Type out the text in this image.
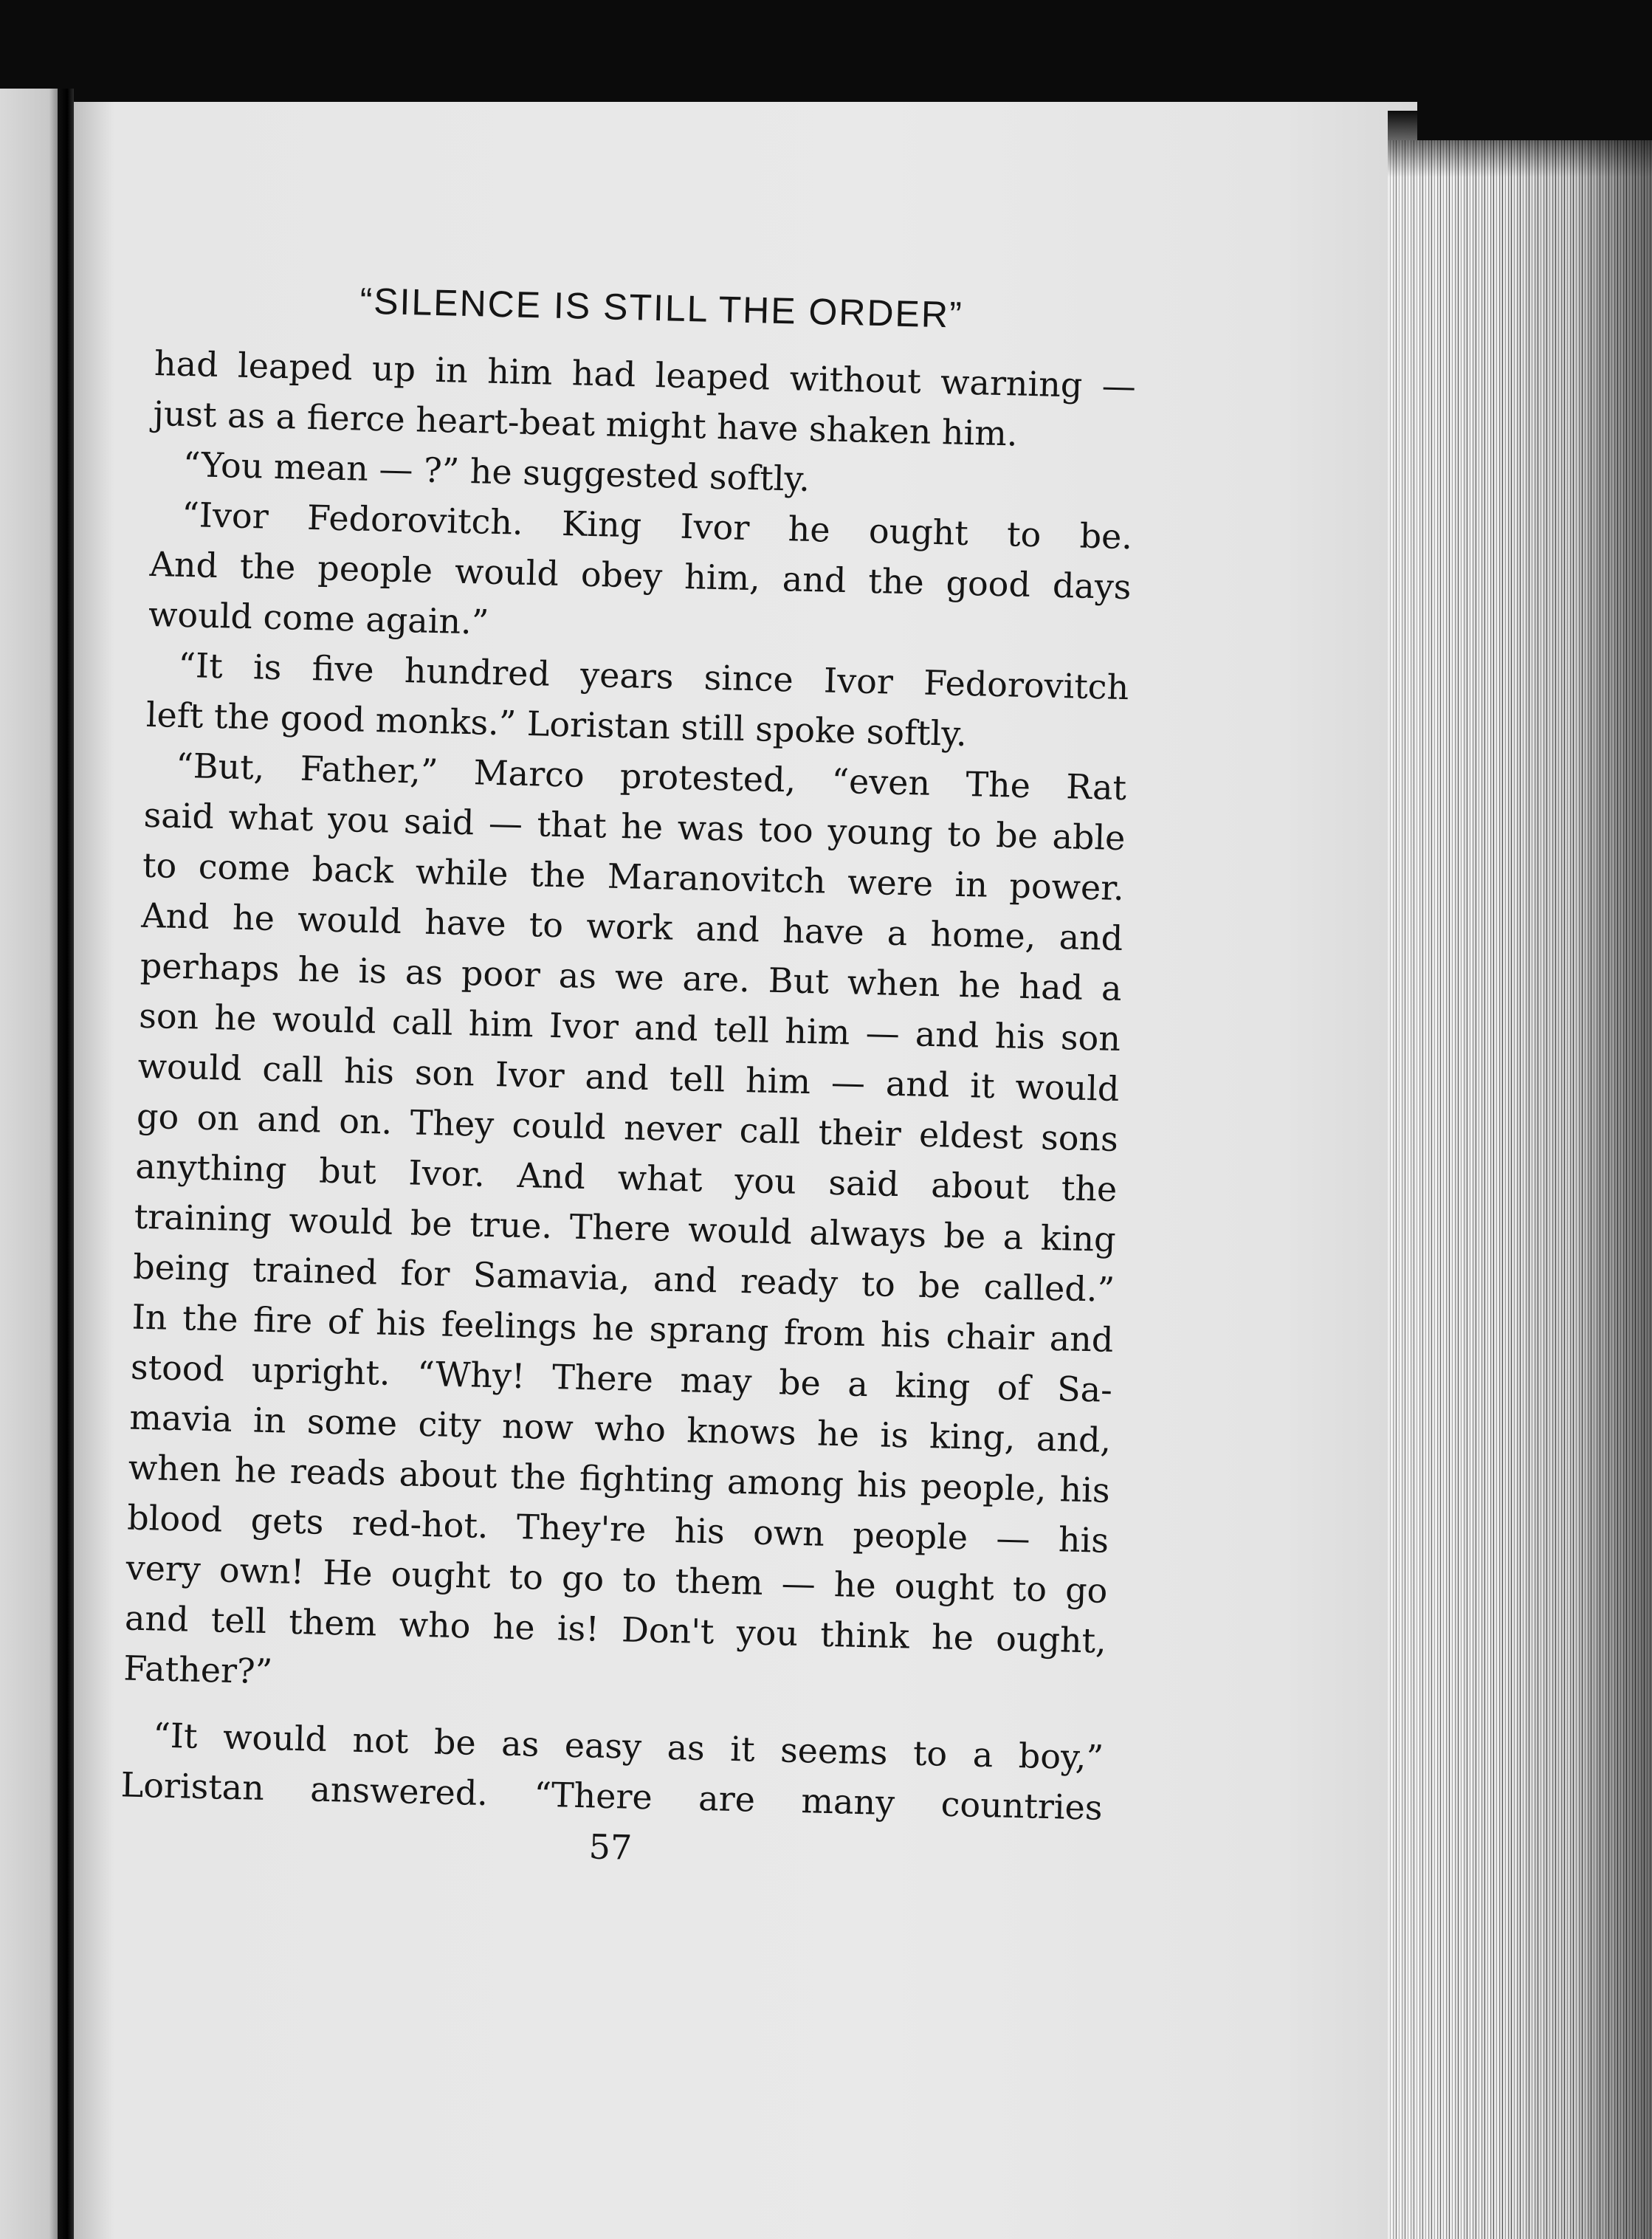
“SILENCE IS STILL THE ORDER”
had leaped up in him had leaped without warning —
just as a fierce heart-beat might have shaken him.
“You mean — ?” he suggested softly.
“Ivor Fedorovitch. King Ivor he ought to be.
And the people would obey him, and the good days
would come again.”
“It is five hundred years since Ivor Fedorovitch
left the good monks.” Loristan still spoke softly.
“But, Father,” Marco protested, “even The Rat
said what you said — that he was too young to be able
to come back while the Maranovitch were in power.
And he would have to work and have a home, and
perhaps he is as poor as we are. But when he had a
son he would call him Ivor and tell him — and his son
would call his son Ivor and tell him — and it would
go on and on. They could never call their eldest sons
anything but Ivor. And what you said about the
training would be true. There would always be a king
being trained for Samavia, and ready to be called.”
In the fire of his feelings he sprang from his chair and
stood upright. “Why! There may be a king of Sa-
mavia in some city now who knows he is king, and,
when he reads about the fighting among his people, his
blood gets red-hot. They're his own people — his
very own! He ought to go to them — he ought to go
and tell them who he is! Don't you think he ought,
Father?”
“It would not be as easy as it seems to a boy,”
Loristan answered. “There are many countries
57
